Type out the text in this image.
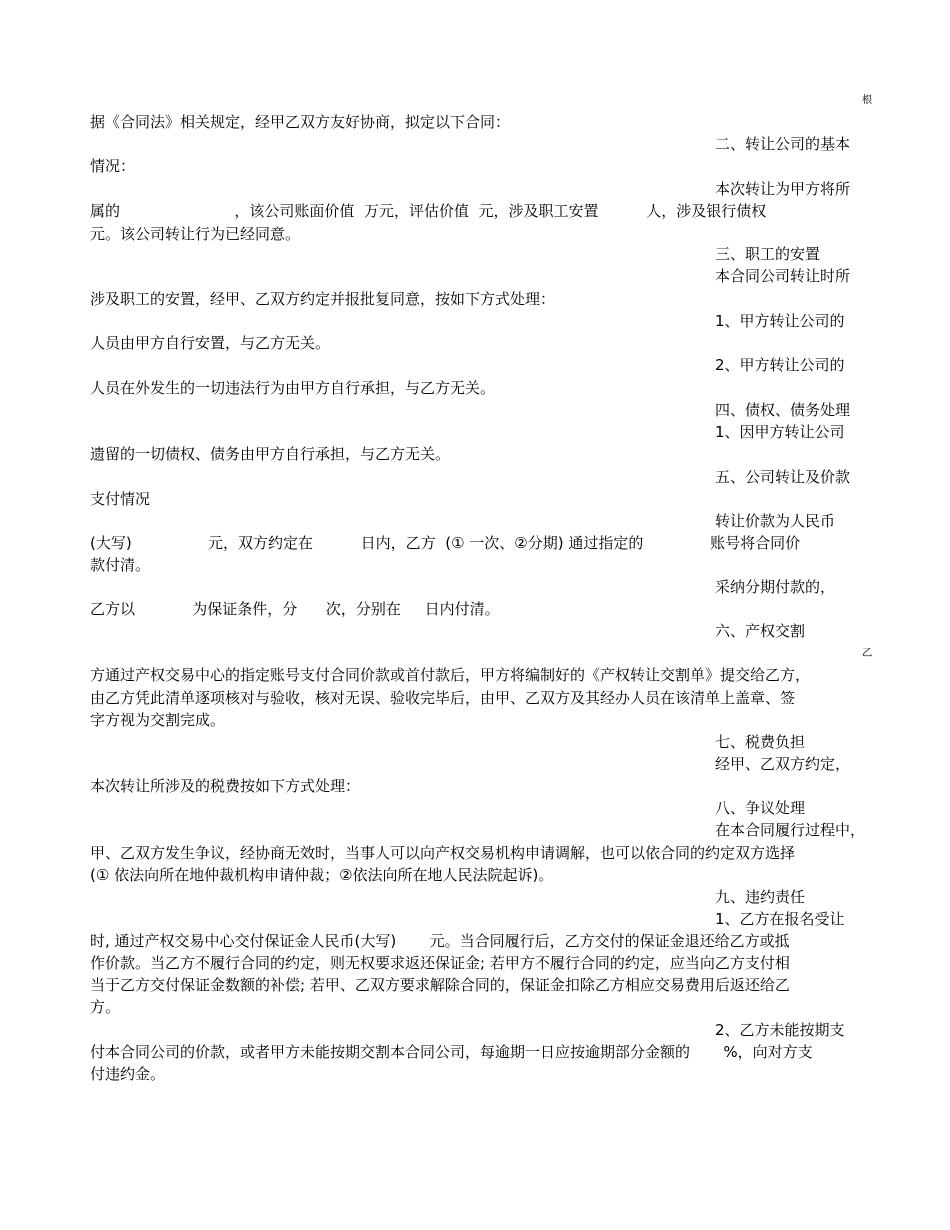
根
据《合同法》相关规定，经甲乙双方友好协商，拟定以下合同：
二、转让公司的基本
情况：
本次转让为甲方将所
属的                        ，该公司账面价值  万元，评估价值  元，涉及职工安置          人，涉及银行债权
元。该公司转让行为已经同意。
三、职工的安置
本合同公司转让时所
涉及职工的安置，经甲、乙双方约定并报批复同意，按如下方式处理：
1、甲方转让公司的
人员由甲方自行安置，与乙方无关。
2、甲方转让公司的
人员在外发生的一切违法行为由甲方自行承担，与乙方无关。
四、债权、债务处理
1、因甲方转让公司
遗留的一切债权、债务由甲方自行承担，与乙方无关。
五、公司转让及价款
支付情况
转让价款为人民币
(大写)                元，双方约定在          日内，乙方  (① 一次、②分期) 通过指定的              账号将合同价
款付清。
采纳分期付款的，
乙方以            为保证条件，分      次，分别在     日内付清。
六、产权交割
乙
方通过产权交易中心的指定账号支付合同价款或首付款后，甲方将编制好的《产权转让交割单》提交给乙方，
由乙方凭此清单逐项核对与验收，核对无误、验收完毕后，由甲、乙双方及其经办人员在该清单上盖章、签
字方视为交割完成。
七、税费负担
经甲、乙双方约定，
本次转让所涉及的税费按如下方式处理：
八、争议处理
在本合同履行过程中，
甲、乙双方发生争议，经协商无效时，当事人可以向产权交易机构申请调解，也可以依合同的约定双方选择
(① 依法向所在地仲裁机构申请仲裁；②依法向所在地人民法院起诉)。
九、违约责任
1、乙方在报名受让
时, 通过产权交易中心交付保证金人民币(大写)       元。当合同履行后，乙方交付的保证金退还给乙方或抵
作价款。当乙方不履行合同的约定，则无权要求返还保证金; 若甲方不履行合同的约定，应当向乙方支付相
当于乙方交付保证金数额的补偿; 若甲、乙双方要求解除合同的，保证金扣除乙方相应交易费用后返还给乙
方。
2、乙方未能按期支
付本合同公司的价款，或者甲方未能按期交割本合同公司，每逾期一日应按逾期部分金额的       %，向对方支
付违约金。
